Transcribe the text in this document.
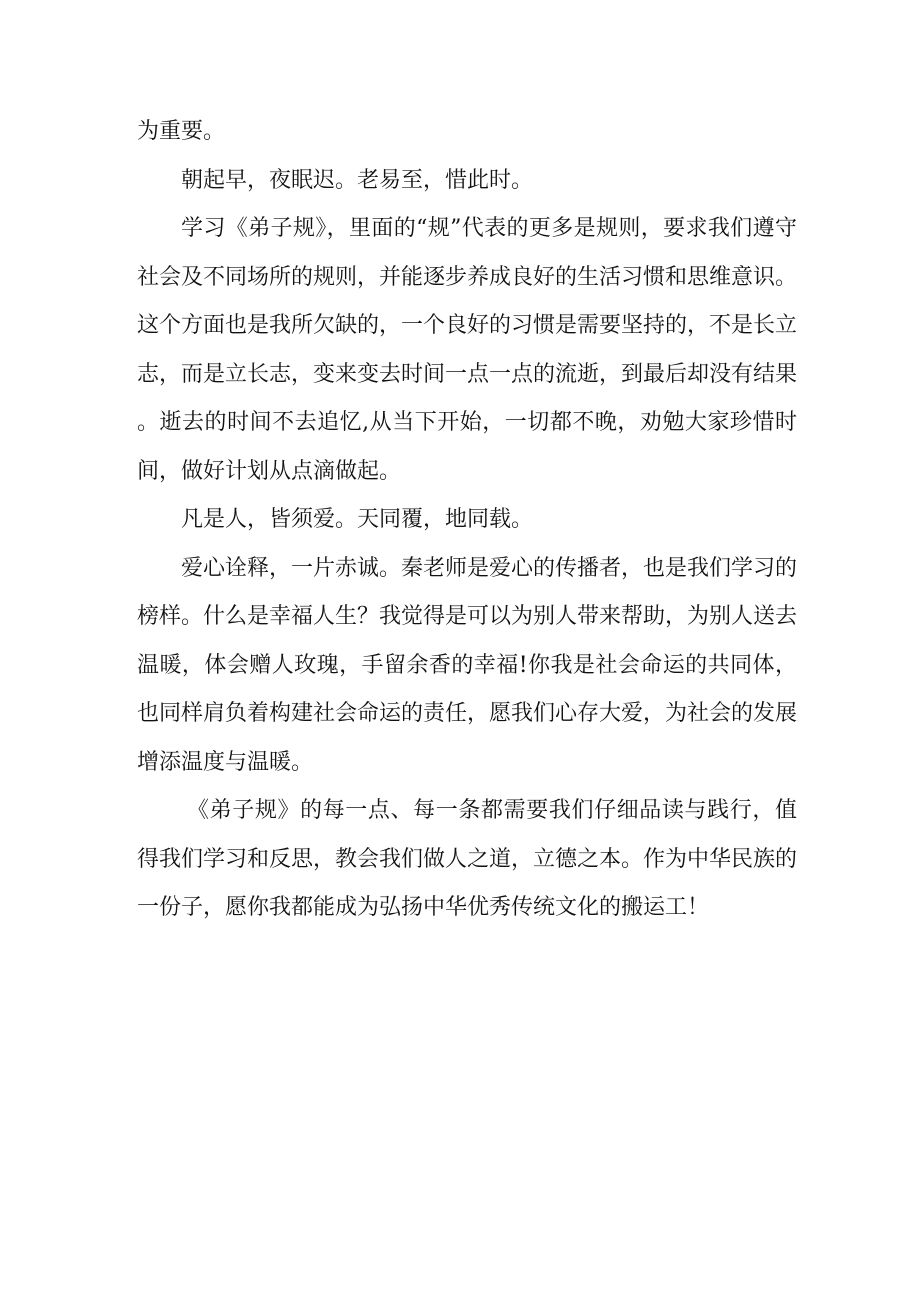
为重要。

朝起早，夜眠迟。老易至，惜此时。

学习《弟子规》，里面的“规”代表的更多是规则，要求我们遵守社会及不同场所的规则，并能逐步养成良好的生活习惯和思维意识。这个方面也是我所欠缺的，一个良好的习惯是需要坚持的，不是长立志，而是立长志，变来变去时间一点一点的流逝，到最后却没有结果。逝去的时间不去追忆,从当下开始，一切都不晚，劝勉大家珍惜时间，做好计划从点滴做起。

凡是人，皆须爱。天同覆，地同载。

爱心诠释，一片赤诚。秦老师是爱心的传播者，也是我们学习的榜样。什么是幸福人生？我觉得是可以为别人带来帮助，为别人送去温暖，体会赠人玫瑰，手留余香的幸福!你我是社会命运的共同体，也同样肩负着构建社会命运的责任，愿我们心存大爱，为社会的发展增添温度与温暖。

《弟子规》的每一点、每一条都需要我们仔细品读与践行，值得我们学习和反思，教会我们做人之道，立德之本。作为中华民族的一份子，愿你我都能成为弘扬中华优秀传统文化的搬运工！
